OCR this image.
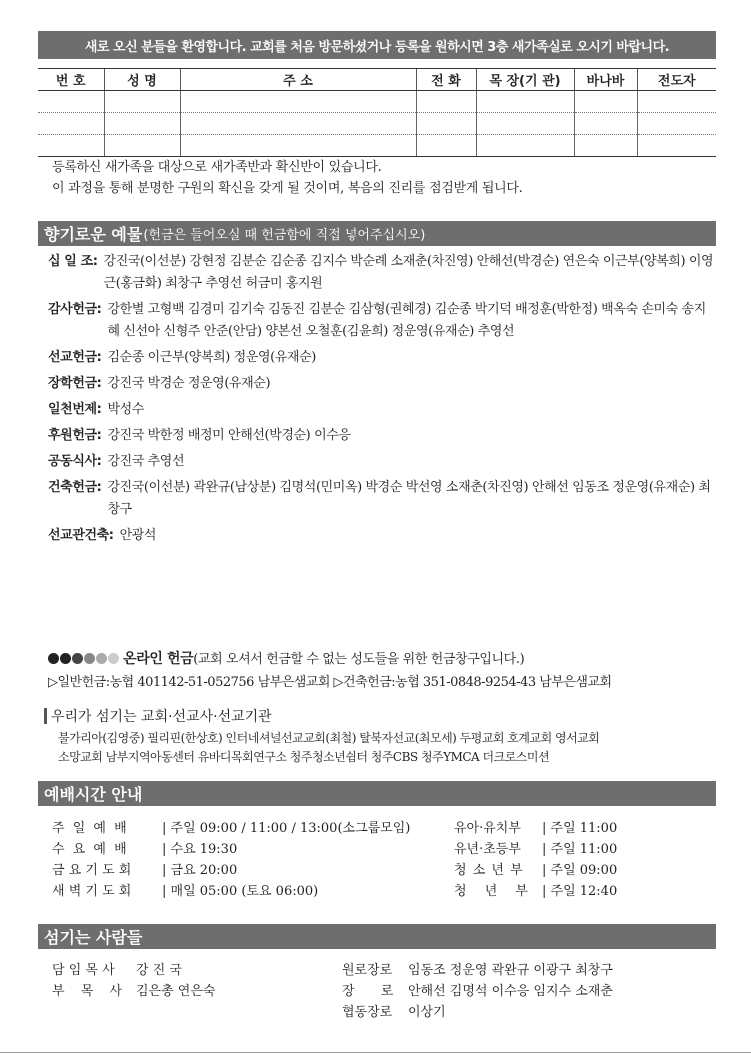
새로 오신 분들을 환영합니다. 교회를 처음 방문하셨거나 등록을 원하시면 3층 새가족실로 오시기 바랍니다.
번 호	성 명	주 소	전 화	목 장(기 관)	바나바	전도자

등록하신 새가족을 대상으로 새가족반과 확신반이 있습니다.
이 과정을 통해 분명한 구원의 확신을 갖게 될 것이며, 복음의 진리를 점검받게 됩니다.
향기로운 예물 (헌금은 들어오실 때 헌금함에 직접 넣어주십시오)
십 일 조: 강진국(이선분) 강현정 김분순 김순종 김지수 박순례 소재춘(차진영) 안해선(박경순) 연은숙 이근부(양복희) 이영근(홍금화) 최창구 추영선 허금미 홍지원
감사헌금: 강한별 고형백 김경미 김기숙 김동진 김분순 김삼형(권혜경) 김순종 박기덕 배정훈(박한정) 백옥숙 손미숙 송지혜 신선아 신형주 안준(안담) 양본선 오철훈(김윤희) 정운영(유재순) 추영선
선교헌금: 김순종 이근부(양복희) 정운영(유재순)
장학헌금: 강진국 박경순 정운영(유재순)
일천번제: 박성수
후원헌금: 강진국 박한정 배정미 안해선(박경순) 이수응
공동식사: 강진국 추영선
건축헌금: 강진국(이선분) 곽완규(남상분) 김명석(민미옥) 박경순 박선영 소재춘(차진영) 안해선 임동조 정운영(유재순) 최창구
선교관건축: 안광석
온라인 헌금(교회 오셔서 헌금할 수 없는 성도들을 위한 헌금창구입니다.)
▷일반헌금:농협 401142-51-052756 남부은샘교회 ▷건축헌금:농협 351-0848-9254-43 남부은샘교회
우리가 섬기는 교회·선교사·선교기관
불가리아(김영중) 필리핀(한상호) 인터네셔널선교교회(최철) 탈북자선교(최모세) 두평교회 호계교회 영서교회
소망교회 남부지역아동센터 유바디목회연구소 청주청소년쉼터 청주CBS 청주YMCA 더크로스미션
예배시간 안내
주 일 예 배	| 주일 09:00 / 11:00 / 13:00(소그룹모임)
수 요 예 배	| 수요 19:30
금 요 기 도 회 | 금요 20:00
새 벽 기 도 회 | 매일 05:00 (토요 06:00)
유아·유치부 | 주일 11:00
유년·초등부 | 주일 11:00
청 소 년 부 | 주일 09:00
청 년 부 | 주일 12:40
섬기는 사람들
담 임 목 사 강 진 국
부 목 사 김은총 연은숙
원로장로 임동조 정운영 곽완규 이광구 최창구
장 로 안해선 김명석 이수응 임지수 소재춘
협동장로 이상기
